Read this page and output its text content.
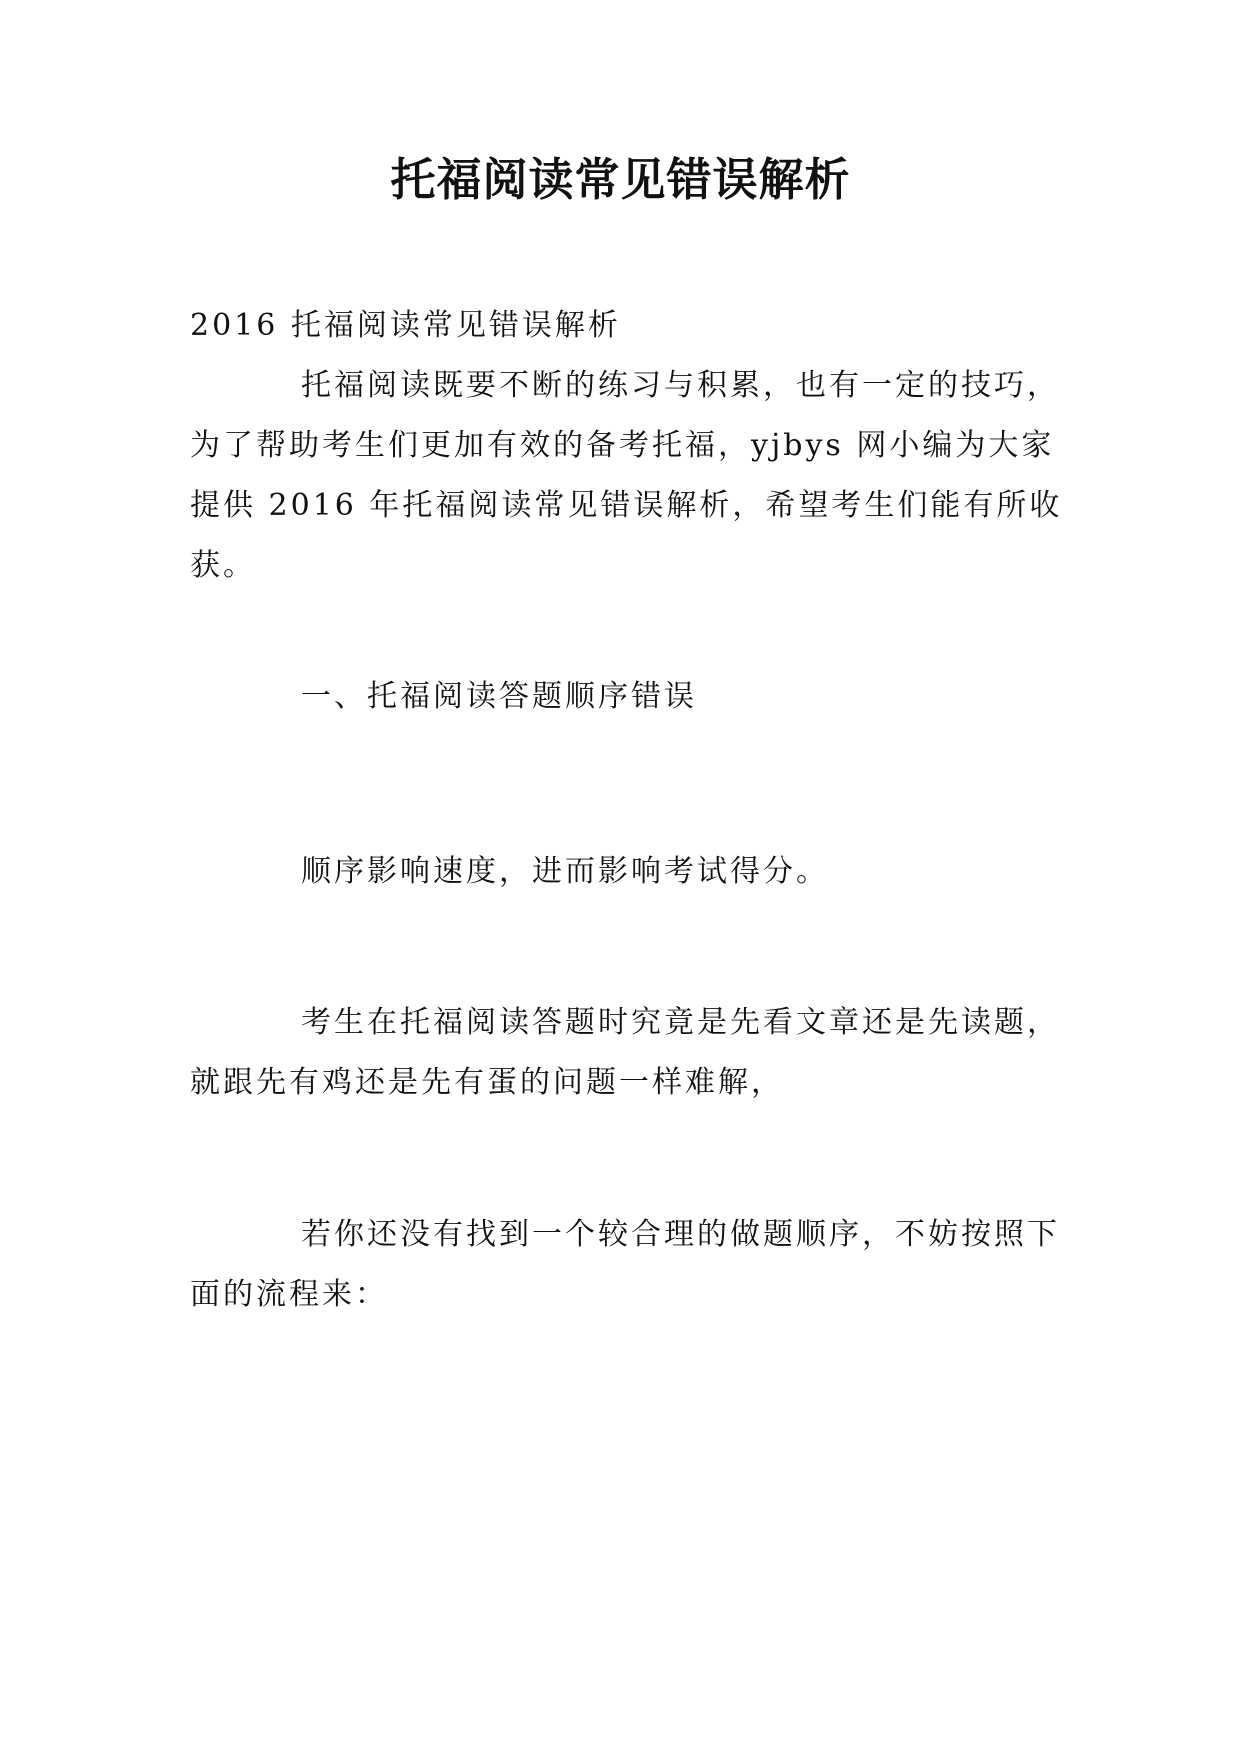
托福阅读常见错误解析

2016 托福阅读常见错误解析

托福阅读既要不断的练习与积累，也有一定的技巧，
为了帮助考生们更加有效的备考托福，yjbys 网小编为大家
提供 2016 年托福阅读常见错误解析，希望考生们能有所收
获。

一、托福阅读答题顺序错误

顺序影响速度，进而影响考试得分。

考生在托福阅读答题时究竟是先看文章还是先读题，
就跟先有鸡还是先有蛋的问题一样难解，

若你还没有找到一个较合理的做题顺序，不妨按照下
面的流程来：
